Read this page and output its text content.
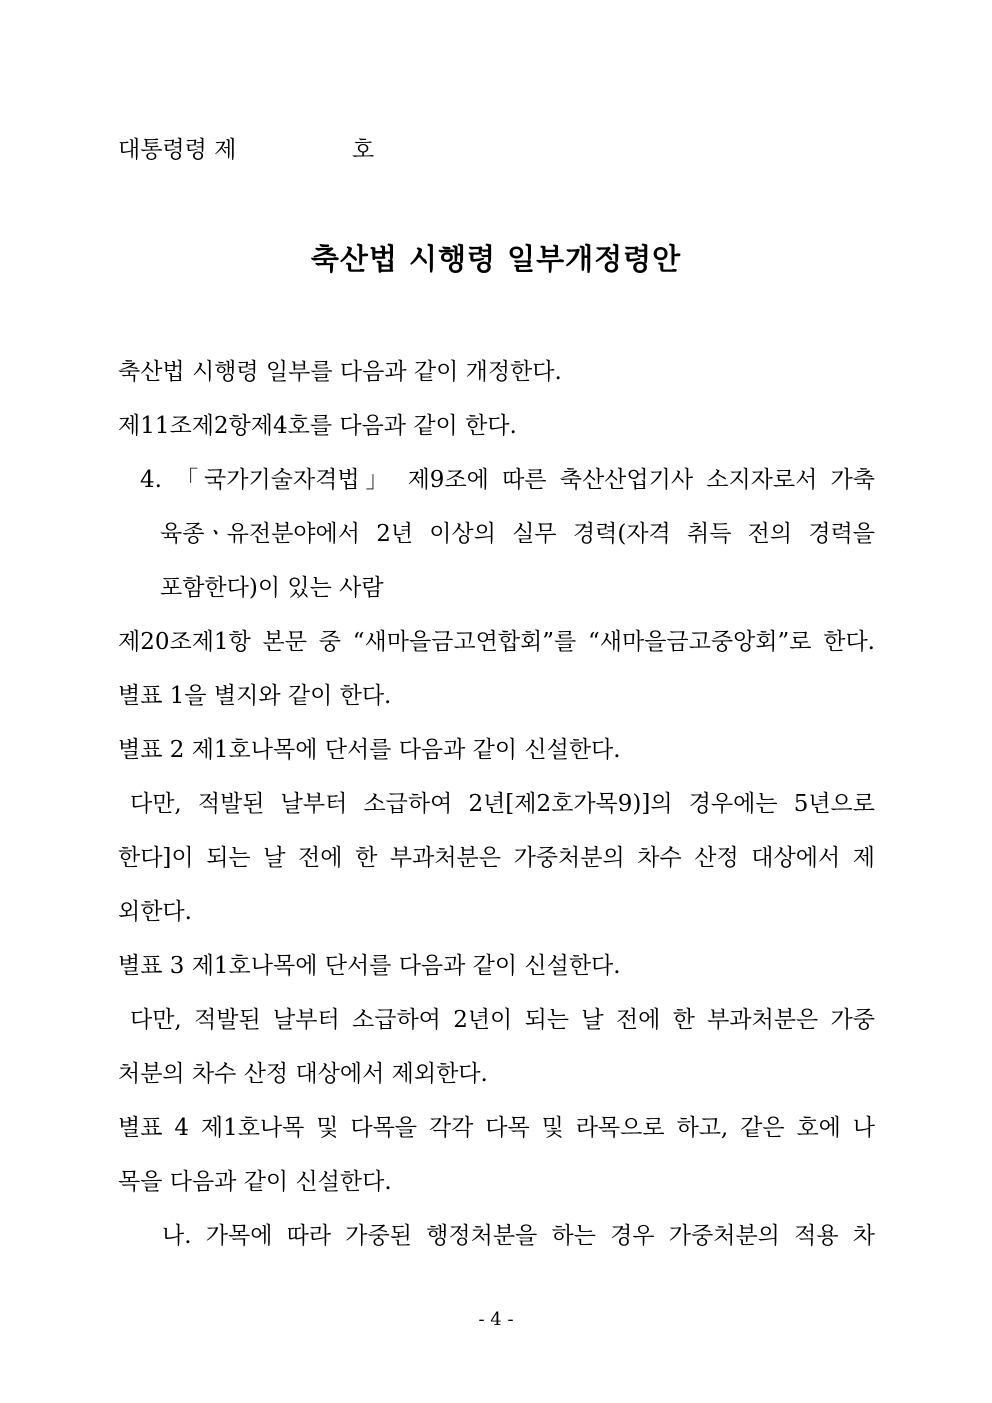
대통령령 제	호
축산법 시행령 일부개정령안
축산법 시행령 일부를 다음과 같이 개정한다.
제11조제2항제4호를 다음과 같이 한다.
4. 「국가기술자격법」 제9조에 따른 축산산업기사 소지자로서 가축
육종ㆍ유전분야에서 2년 이상의 실무 경력(자격 취득 전의 경력을
포함한다)이 있는 사람
제20조제1항 본문 중 “새마을금고연합회”를 “새마을금고중앙회”로 한다.
별표 1을 별지와 같이 한다.
별표 2 제1호나목에 단서를 다음과 같이 신설한다.
다만, 적발된 날부터 소급하여 2년[제2호가목9)]의 경우에는 5년으로
한다]이 되는 날 전에 한 부과처분은 가중처분의 차수 산정 대상에서 제
외한다.
별표 3 제1호나목에 단서를 다음과 같이 신설한다.
다만, 적발된 날부터 소급하여 2년이 되는 날 전에 한 부과처분은 가중
처분의 차수 산정 대상에서 제외한다.
별표 4 제1호나목 및 다목을 각각 다목 및 라목으로 하고, 같은 호에 나
목을 다음과 같이 신설한다.
나. 가목에 따라 가중된 행정처분을 하는 경우 가중처분의 적용 차
- 4 -
